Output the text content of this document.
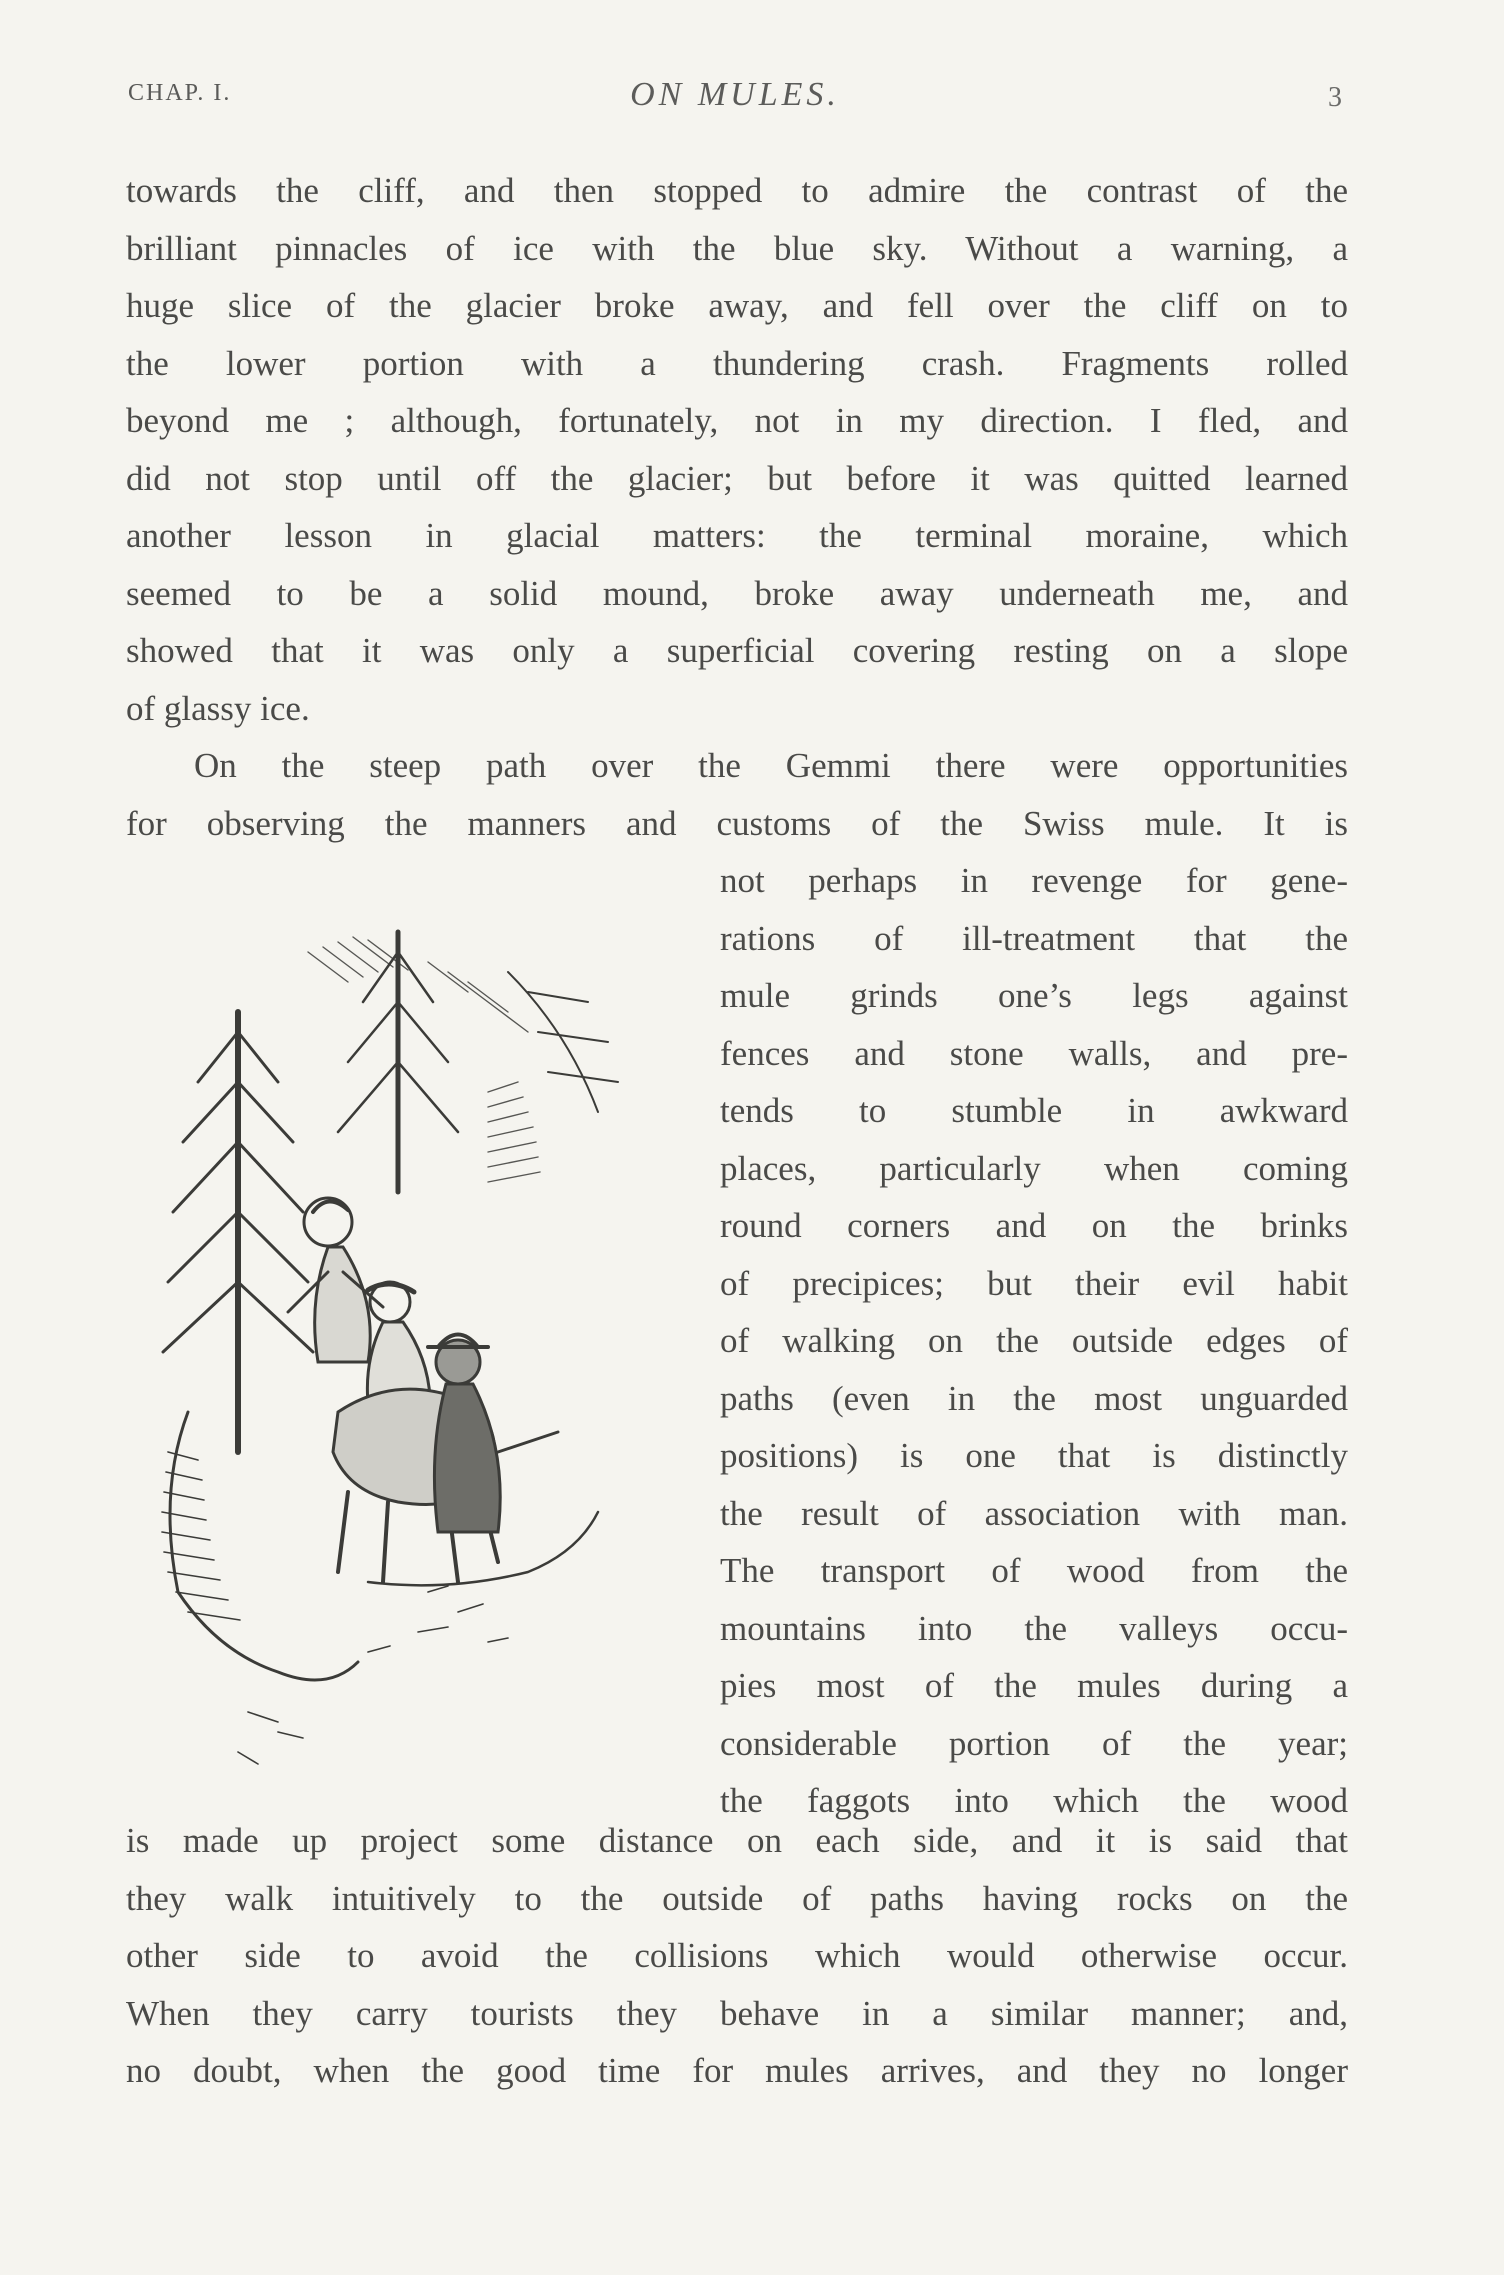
CHAP. I.	ON MULES.	3
towards the cliff, and then stopped to admire the contrast of the
brilliant pinnacles of ice with the blue sky. Without a warning, a
huge slice of the glacier broke away, and fell over the cliff on to
the lower portion with a thundering crash. Fragments rolled
beyond me ; although, fortunately, not in my direction. I fled, and
did not stop until off the glacier; but before it was quitted learned
another lesson in glacial matters: the terminal moraine, which
seemed to be a solid mound, broke away underneath me, and
showed that it was only a superficial covering resting on a slope
of glassy ice.
On the steep path over the Gemmi there were opportunities
for observing the manners and customs of the Swiss mule. It is
not perhaps in revenge for gene-
rations of ill-treatment that the
mule grinds one’s legs against
fences and stone walls, and pre-
tends to stumble in awkward
places, particularly when coming
round corners and on the brinks
of precipices; but their evil habit
of walking on the outside edges of
paths (even in the most unguarded
positions) is one that is distinctly
the result of association with man.
The transport of wood from the
mountains into the valleys occu-
pies most of the mules during a
considerable portion of the year;
the faggots into which the wood
is made up project some distance on each side, and it is said that
they walk intuitively to the outside of paths having rocks on the
other side to avoid the collisions which would otherwise occur.
When they carry tourists they behave in a similar manner; and,
no doubt, when the good time for mules arrives, and they no longer
